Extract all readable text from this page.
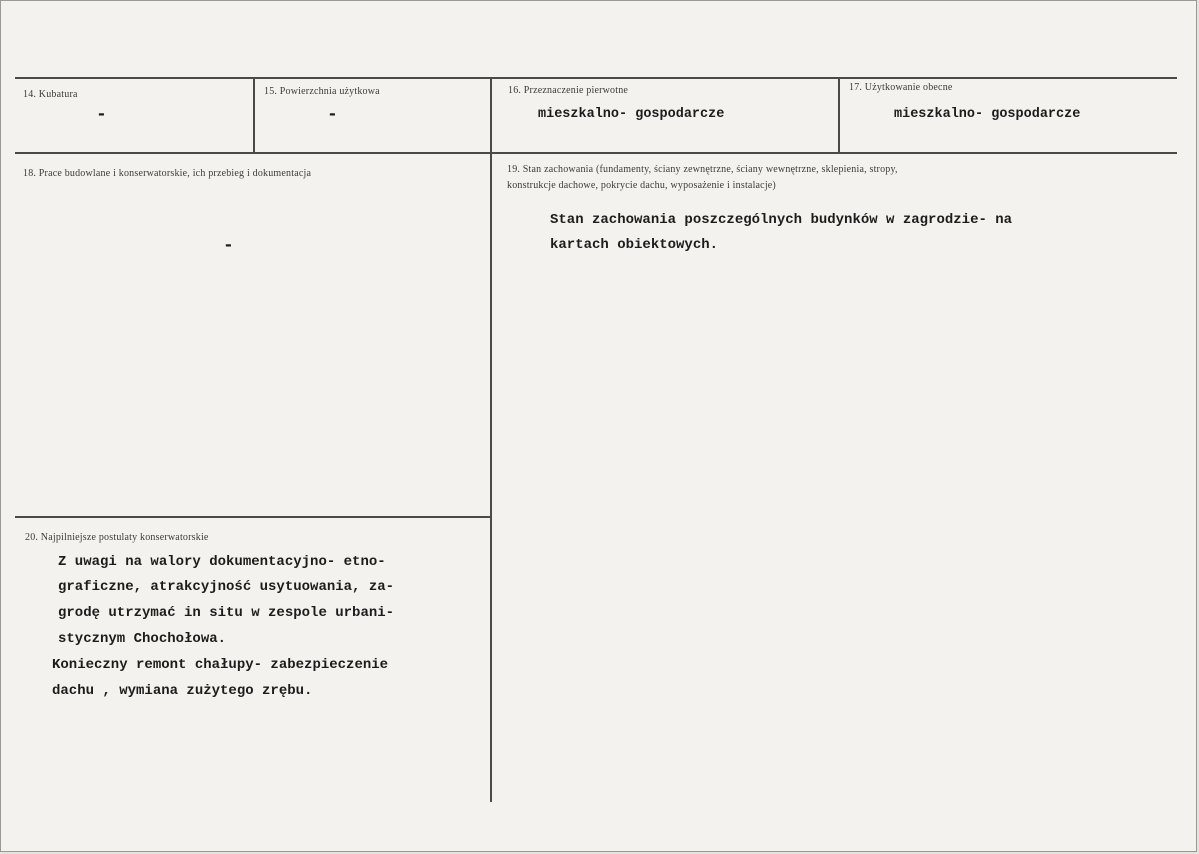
14. Kubatura
-
15. Powierzchnia użytkowa
-
16. Przeznaczenie pierwotne
mieszkalno- gospodarcze
17. Użytkowanie obecne
mieszkalno- gospodarcze
18. Prace budowlane i konserwatorskie, ich przebieg i dokumentacja
-
19. Stan zachowania (fundamenty, ściany zewnętrzne, ściany wewnętrzne, sklepienia, stropy,
konstrukcje dachowe, pokrycie dachu, wyposażenie i instalacje)
Stan zachowania poszczególnych budynków w zagrodzie- na
kartach obiektowych.
20. Najpilniejsze postulaty konserwatorskie
Z uwagi na walory dokumentacyjno- etno-
graficzne, atrakcyjność usytuowania, za-
grodę utrzymać in situ w zespole urbani-
stycznym Chochołowa.
Konieczny remont chałupy- zabezpieczenie
dachu , wymiana zużytego zrębu.
